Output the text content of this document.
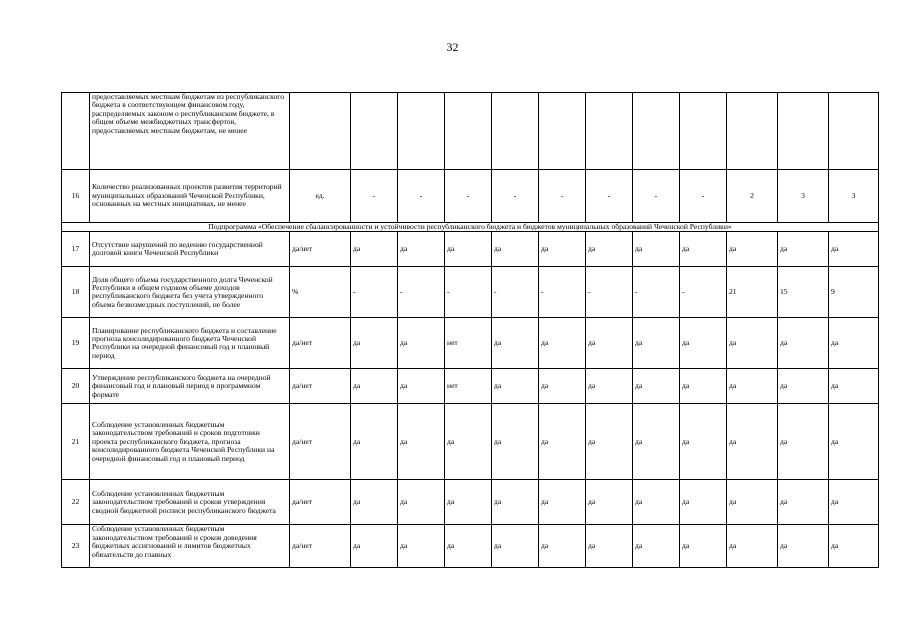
32
	предоставляемых местным бюджетам из республиканского бюджета в соответствующем финансовом году, распределяемых законом о республиканском бюджете, в общем объеме межбюджетных трансфертов, предоставляемых местным бюджетам, не менее												
16	Количество реализованных проектов развития территорий муниципальных образований Чеченской Республики, основанных на местных инициативах, не менее	ед.	-	-	-	-	-	-	-	-	2	3	3
Подпрограмма «Обеспечение сбалансированности и устойчивости республиканского бюджета и бюджетов муниципальных образований Чеченской Республики»													
17	Отсутствие нарушений по ведению государственной долговой книги Чеченской Республики	да/нет	да	да	да	да	да	да	да	да	да	да	да
18	Доля общего объема государственного долга Чеченской Республики в общем годовом объеме доходов республиканского бюджета без учета утвержденного объема безвозмездных поступлений, не более	%	-	-	-	-	-	-	-	-	21	15	9
19	Планирование республиканского бюджета и составление прогноза консолидированного бюджета Чеченской Республики на очередной финансовый год и плановый период	да/нет	да	да	нет	да	да	да	да	да	да	да	да
20	Утверждение республиканского бюджета на очередной финансовый год и плановый период в программном формате	да/нет	да	да	нет	да	да	да	да	да	да	да	да
21	Соблюдение установленных бюджетным законодательством требований и сроков подготовки проекта республиканского бюджета, прогноза консолидированного бюджета Чеченской Республики на очередной финансовый год и плановый период	да/нет	да	да	да	да	да	да	да	да	да	да	да
22	Соблюдение установленных бюджетным законодательством требований и сроков утверждения сводной бюджетной росписи республиканского бюджета	да/нет	да	да	да	да	да	да	да	да	да	да	да
23	Соблюдение установленных бюджетным законодательством требований и сроков доведения бюджетных ассигнований и лимитов бюджетных обязательств до главных	да/нет	да	да	да	да	да	да	да	да	да	да	да
